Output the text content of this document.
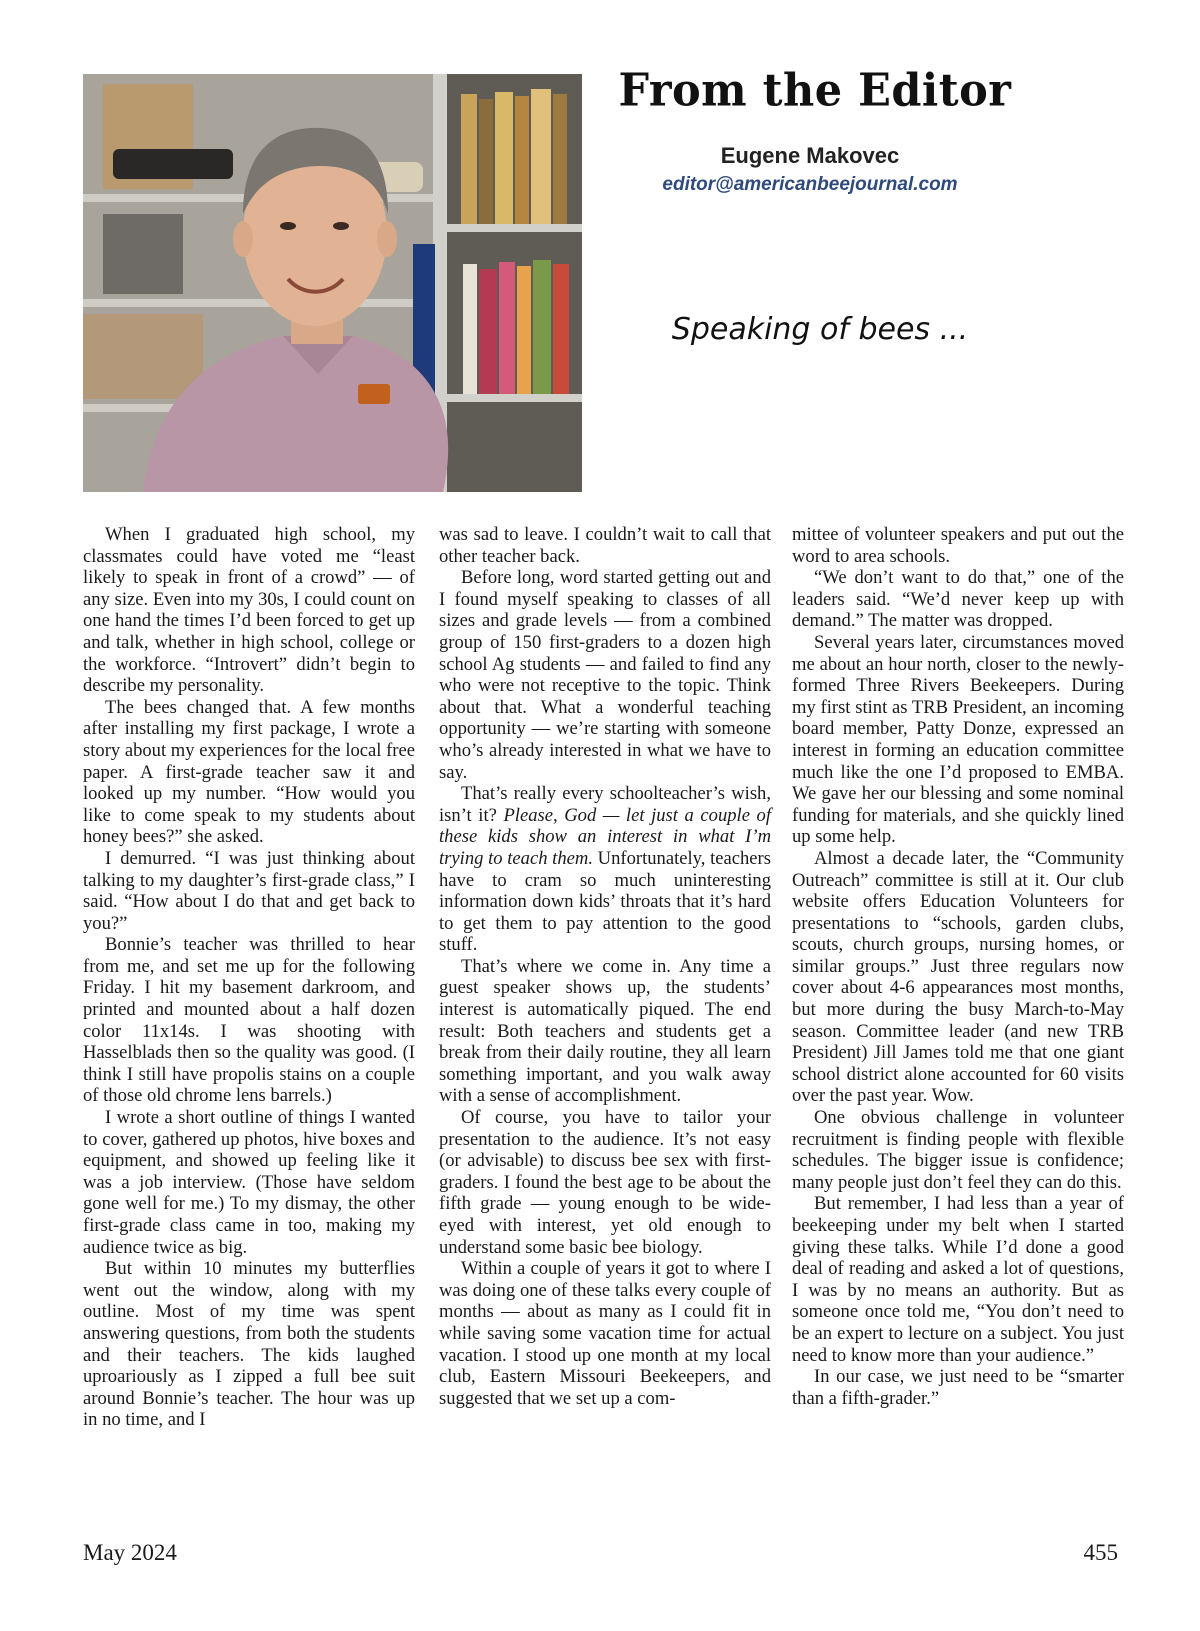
From the Editor
Eugene Makovec
editor@americanbeejournal.com
Speaking of bees ...

When I graduated high school, my classmates could have voted me “least likely to speak in front of a crowd” — of any size. Even into my 30s, I could count on one hand the times I’d been forced to get up and talk, whether in high school, college or the workforce. “Introvert” didn’t begin to describe my personality.

The bees changed that. A few months after installing my first package, I wrote a story about my experiences for the local free paper. A first-grade teacher saw it and looked up my number. “How would you like to come speak to my students about honey bees?” she asked.

I demurred. “I was just thinking about talking to my daughter’s first-grade class,” I said. “How about I do that and get back to you?”

Bonnie’s teacher was thrilled to hear from me, and set me up for the following Friday. I hit my basement darkroom, and printed and mounted about a half dozen color 11x14s. I was shooting with Hasselblads then so the quality was good. (I think I still have propolis stains on a couple of those old chrome lens barrels.)

I wrote a short outline of things I wanted to cover, gathered up photos, hive boxes and equipment, and showed up feeling like it was a job interview. (Those have seldom gone well for me.) To my dismay, the other first-grade class came in too, making my audience twice as big.

But within 10 minutes my butterflies went out the window, along with my outline. Most of my time was spent answering questions, from both the students and their teachers. The kids laughed uproariously as I zipped a full bee suit around Bonnie’s teacher. The hour was up in no time, and I

was sad to leave. I couldn’t wait to call that other teacher back.

Before long, word started getting out and I found myself speaking to classes of all sizes and grade levels — from a combined group of 150 first-graders to a dozen high school Ag students — and failed to find any who were not receptive to the topic. Think about that. What a wonderful teaching opportunity — we’re starting with someone who’s already interested in what we have to say.

That’s really every schoolteacher’s wish, isn’t it? Please, God — let just a couple of these kids show an interest in what I’m trying to teach them. Unfortunately, teachers have to cram so much uninteresting information down kids’ throats that it’s hard to get them to pay attention to the good stuff.

That’s where we come in. Any time a guest speaker shows up, the students’ interest is automatically piqued. The end result: Both teachers and students get a break from their daily routine, they all learn something important, and you walk away with a sense of accomplishment.

Of course, you have to tailor your presentation to the audience. It’s not easy (or advisable) to discuss bee sex with first-graders. I found the best age to be about the fifth grade — young enough to be wide-eyed with interest, yet old enough to understand some basic bee biology.

Within a couple of years it got to where I was doing one of these talks every couple of months — about as many as I could fit in while saving some vacation time for actual vacation. I stood up one month at my local club, Eastern Missouri Beekeepers, and suggested that we set up a com-

mittee of volunteer speakers and put out the word to area schools.

“We don’t want to do that,” one of the leaders said. “We’d never keep up with demand.” The matter was dropped.

Several years later, circumstances moved me about an hour north, closer to the newly-formed Three Rivers Beekeepers. During my first stint as TRB President, an incoming board member, Patty Donze, expressed an interest in forming an education committee much like the one I’d proposed to EMBA. We gave her our blessing and some nominal funding for materials, and she quickly lined up some help.

Almost a decade later, the “Community Outreach” committee is still at it. Our club website offers Education Volunteers for presentations to “schools, garden clubs, scouts, church groups, nursing homes, or similar groups.” Just three regulars now cover about 4-6 appearances most months, but more during the busy March-to-May season. Committee leader (and new TRB President) Jill James told me that one giant school district alone accounted for 60 visits over the past year. Wow.

One obvious challenge in volunteer recruitment is finding people with flexible schedules. The bigger issue is confidence; many people just don’t feel they can do this.

But remember, I had less than a year of beekeeping under my belt when I started giving these talks. While I’d done a good deal of reading and asked a lot of questions, I was by no means an authority. But as someone once told me, “You don’t need to be an expert to lecture on a subject. You just need to know more than your audience.”

In our case, we just need to be “smarter than a fifth-grader.”

May 2024	455
